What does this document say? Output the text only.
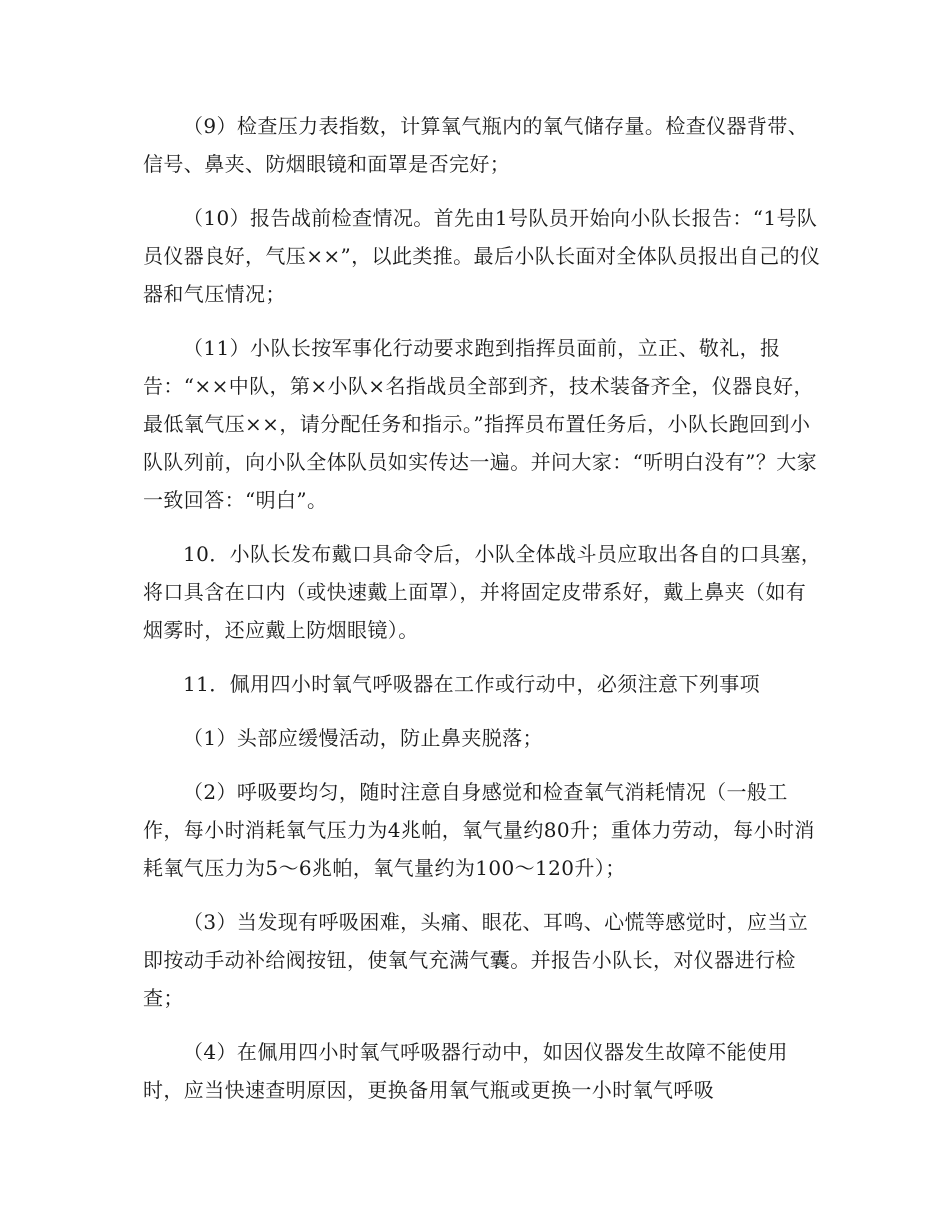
（9）检查压力表指数，计算氧气瓶内的氧气储存量。检查仪器背带、信号、鼻夹、防烟眼镜和面罩是否完好；

（10）报告战前检查情况。首先由1号队员开始向小队长报告：“1号队员仪器良好，气压××”，以此类推。最后小队长面对全体队员报出自己的仪器和气压情况；

（11）小队长按军事化行动要求跑到指挥员面前，立正、敬礼，报告：“××中队，第×小队×名指战员全部到齐，技术装备齐全，仪器良好，最低氧气压××，请分配任务和指示。”指挥员布置任务后，小队长跑回到小队队列前，向小队全体队员如实传达一遍。并问大家：“听明白没有”？大家一致回答：“明白”。

10．小队长发布戴口具命令后，小队全体战斗员应取出各自的口具塞，将口具含在口内（或快速戴上面罩），并将固定皮带系好，戴上鼻夹（如有烟雾时，还应戴上防烟眼镜）。

11．佩用四小时氧气呼吸器在工作或行动中，必须注意下列事项

（1）头部应缓慢活动，防止鼻夹脱落；

（2）呼吸要均匀，随时注意自身感觉和检查氧气消耗情况（一般工作，每小时消耗氧气压力为4兆帕，氧气量约80升；重体力劳动，每小时消耗氧气压力为5～6兆帕，氧气量约为100～120升）；

（3）当发现有呼吸困难，头痛、眼花、耳鸣、心慌等感觉时，应当立即按动手动补给阀按钮，使氧气充满气囊。并报告小队长，对仪器进行检查；

（4）在佩用四小时氧气呼吸器行动中，如因仪器发生故障不能使用时，应当快速查明原因，更换备用氧气瓶或更换一小时氧气呼吸
